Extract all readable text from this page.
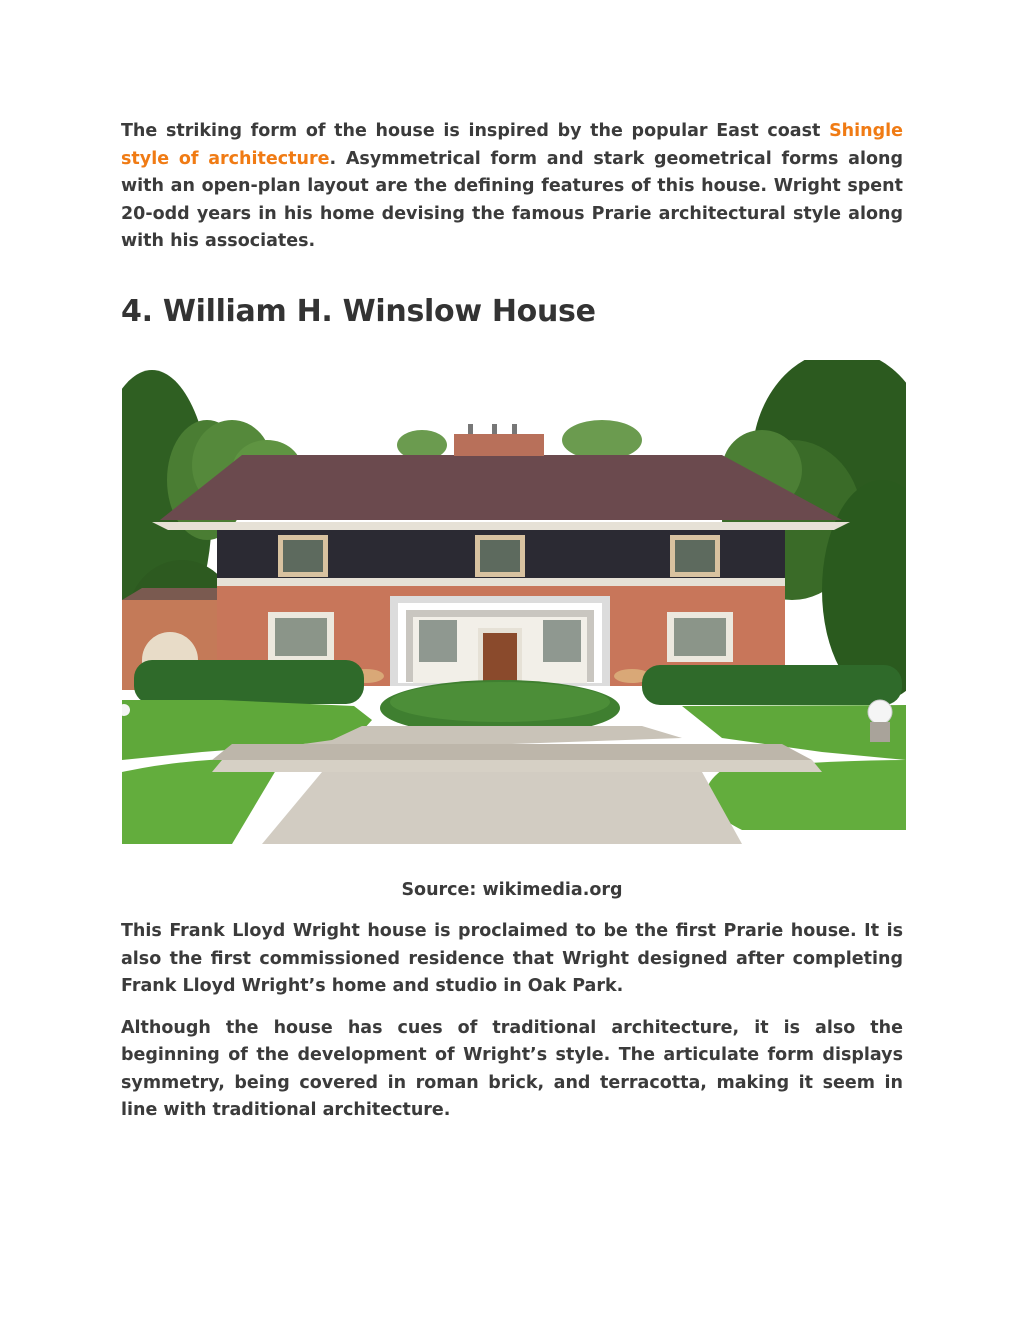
The striking form of the house is inspired by the popular East coast Shingle style of architecture. Asymmetrical form and stark geometrical forms along with an open-plan layout are the defining features of this house. Wright spent 20-odd years in his home devising the famous Prarie architectural style along with his associates.

4. William H. Winslow House

Source: wikimedia.org

This Frank Lloyd Wright house is proclaimed to be the first Prarie house. It is also the first commissioned residence that Wright designed after completing Frank Lloyd Wright’s home and studio in Oak Park.

Although the house has cues of traditional architecture, it is also the beginning of the development of Wright’s style. The articulate form displays symmetry, being covered in roman brick, and terracotta, making it seem in line with traditional architecture.
